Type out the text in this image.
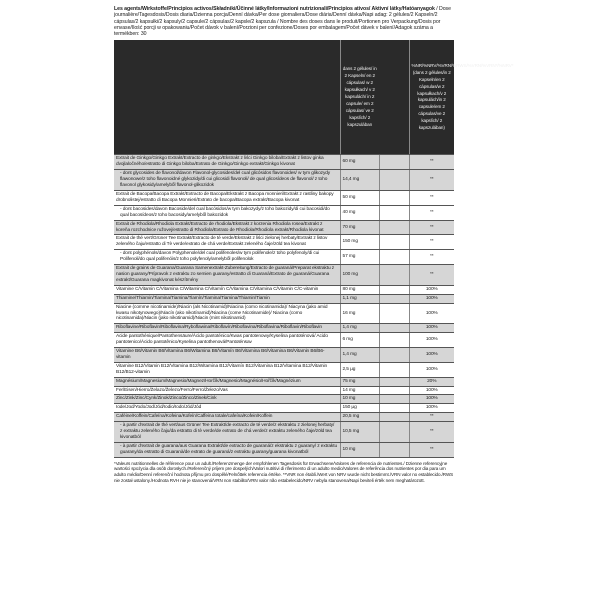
Les agents/Wirkstoffe/Principios activos/Składniki/Účinné látky/Informazioni nutrizionali/Principios ativos/ Aktivní látky/Hatóanyagok / Dose journalière/Tagesdosis/Dosis diaria/Dzienna porcja/Denní dávka/Per dose giornaliera/Dose diária/Denní dávka/Napi adag: 2 gélules/2 Kapseln/2 cápsulas/2 kapsułki/2 kapsuly/2 capsule/2 cápsulas/2 kapsle/2 kapszula / Nombre des doses dans le produit/Portionen pro Verpackung/Dosis por envase/Ilość porcji w opakowaniu/Počet dávok v balení/Porzioni per confezione/Doses por embalagem/Počet dávek v balení/Adagok száma a termékben: 30

	dans 2 gélules/ in 2 Kapseln/ en 2 cápsulas/ w 2 kapsułkach/ v 2 kapsulách/ in 2 capsule/ em 2 cápsulas/ ve 2 kapslích/ 2 kapszulában		%NR/%NRV/%VRN/%RWS/%VRN/%VRN*/%NRV* (dans 2 gélules/in 2 Kapseln/en 2 cápsulas/w 2 kapsułkach/v 2 kapsulách/in 2 capsule/em 2 cápsulas/ve 2 kapslích/ 2 kapszulában)
Extrait de Ginkgo/Ginkgo Extrakt/Extracto de ginkgo/Ekstrakt z liści Ginkgo biloba/Extrakt z listov ginka dvojlaločného/estratto di Ginkgo biloba/Extrato de Ginkgo/Ginkgo extrakt/Ginkgo kivonat	60 mg		**
- dont glycosides de flavonol/davon Flavonol-glycosides/del cual glicósidos flavonoides/ w tym glikozydy flawonowe/z toho flavonoidné glykozidy/di cui glicosidi flavonoli/ de qual glicosídeos de flavonol/ z toho flavonol glykosidy/amelyből flavonol-glikozidok	14,4 mg		**
Extrait de Bacopa/Bacopa Extrakt/Extracto de Bacopa/Ekstrakt z Bacopa monnieri/Extrakt z rastliny bakopy drobnolistej/estratto di Bacopa Monnieri/Extrato de bacopa/Bacopa extrakt/Bacopa kivonat	50 mg		**
- dont bacosides/davon Bacoside/del cual bacósidos/w tym bakozydy/z toho bakozidy/di cui bacosidi/do qual bacosídeos/z toho bacosidy/amelyből bakozidok	40 mg		**
Extrait de Rhodiola/Rhodiola Extrakt/Extracto de rhodiola/Ekstrakt z korzenia Rhodiola rosea/Extrakt z koreňa rozchodnice ružovej/estratto di Rhodiola/Extrato de Rhodiola/Rhodiola extrakt/Rhodiola kivonat	70 mg		**
Extrait de thé vert/Grüner Tee Extrakt/Extracto de té verde/Ekstrakt z liści zielonej herbaty/Extrakt z listov zeleného čaju/estratto di Tè verde/extrato de chá verde/Extrakt zeleného čaje/zöld tea kivonat	150 mg		**
- dont polyphénols/davon Polyphenole/del cual polifenoles/w tym polifenole/z toho polyfenoly/di cui Polifenoli/do qual polifenóis/z toho polyfenoly/amelyből polifenolok	57 mg		**
Extrait de grains de Guarana/Guarana Samenextrakt-Zubereitung/Extracto de guaraná/Preparat ekstraktu z nasion guarany/Prípravok z extraktu zo semien guarany/estratto di Guaranà/Extrato de guaraná/Guarana extrakt/Guarana magkivonat készítmény	100 mg		**
Vitamine C/Vitamin C/Vitamina C/Witamina C/Vitamín C/Vitamina C/Vitamina C/Vitamin C/C-vitamin	80 mg		100%
Thiamine/Thiamin/Tiamina/Tiamina/Tiamín/Tiamina/Tiamina/Thiamin/Tiamin	1,1 mg		100%
Niacine (comme nicotinamide)/Niacin (als Nicotinamid)/Niacina (como nicotinamida)/ Niacyna (jako amid kwasu nikotynowego)/Niacín (ako nikotínamid)/Niacina (come Nicotinamide)/ Niacina (como nicotinamida)/Niacin (jako nikotinamid)/Niacin (mint nikotinamid)	16 mg		100%
Riboflavine/Riboflavin/Riboflavina/Ryboflawina/Riboflavín/Riboflavina/Riboflavina/Riboflavin/Riboflavin	1,4 mg		100%
Acide pantothénique/Pantothensäure/Ácido pantoténico/Kwas pantotenowy/Kyselina pantoténová/ Acido pantotenico/Ácido pantotênico/Kyselina pantothenová/Pantoténsav	6 mg		100%
Vitamine B6/Vitamin B6/Vitamina B6/Witamina B6/Vitamín B6/Vitamina B6/Vitamina B6/Vitamin B6/B6-vitamin	1,4 mg		100%
Vitamine B12/Vitamin B12/Vitamina B12/Witamina B12/Vitamín B12/Vitamina B12/Vitamina B12/Vitamin B12/B12-vitamin	2,5 µg		100%
Magnésium/Magnesium/Magnesio/Magnez/Horčík/Magnesio/Magnésio/Hořčík/Magnézium	75 mg		20%
Fer/Eisen/Hierro/Żelazo/Železo/Ferro/Ferro/Železo/Vas	14 mg		100%
Zinc/Zink/Zinc/Cynk/Zinok/Zinco/Zinco/Zinek/Cink	10 mg		100%
Iode/Jod/Yodo/Jod/Jód/Iodio/Iodo/Jód/Jód	150 µg		100%
Caféine/Koffein/Cafeína/Kofeina/Kofeín/Caffeina totale/cafeína/Kofein/Koffein	20,5 mg		**
- à partir d'extrait de thé vert/aus Grüner Tee Extrakt/de extracto de té verde/z ekstraktu z zielonej herbaty/ z extraktu zeleného čaju/da estratto di tè verde/de extrato de chá verde/z extraktu zeleného čaje/zöld tea kivonatból	10,5 mg		**
- à partir d'extrait de guarana/aus Guarana Extrakt/de extracto de guaraná/z ekstraktu z guarany/ z extraktu guarany/da estratto di Guaranà/de extrato de guaraná/z extraktu guarany/guarana kivonatból	10 mg		**

*Valeurs nutritionnelles de référence pour un adult./Referenzmenge der empfohlenen Tagesdosis für Erwachsene/Valores de referencia de nutrientes./ Dzienne referencyjne wartości spożycia dla osób dorosłych./Referenčný príjem pre dospelých/Valori nutritivi di riferimento di un adulto medio/Valores de referência dos nutrientes por dia para um adulto médio/Denní referenční hodnota příjmu pro dospělé/Felnőttek referencia értéke. **VNR non établi./Wert von NRV wurde nicht bestimmt./VRN valor no establecido./RWS nie został ustalony./Hodnota RVH nie je stanovená/VRN non stabilito/VRN valor não estabelecido/NRV nebyla stanovena/Napi beviteli érték nem meghatározott.
